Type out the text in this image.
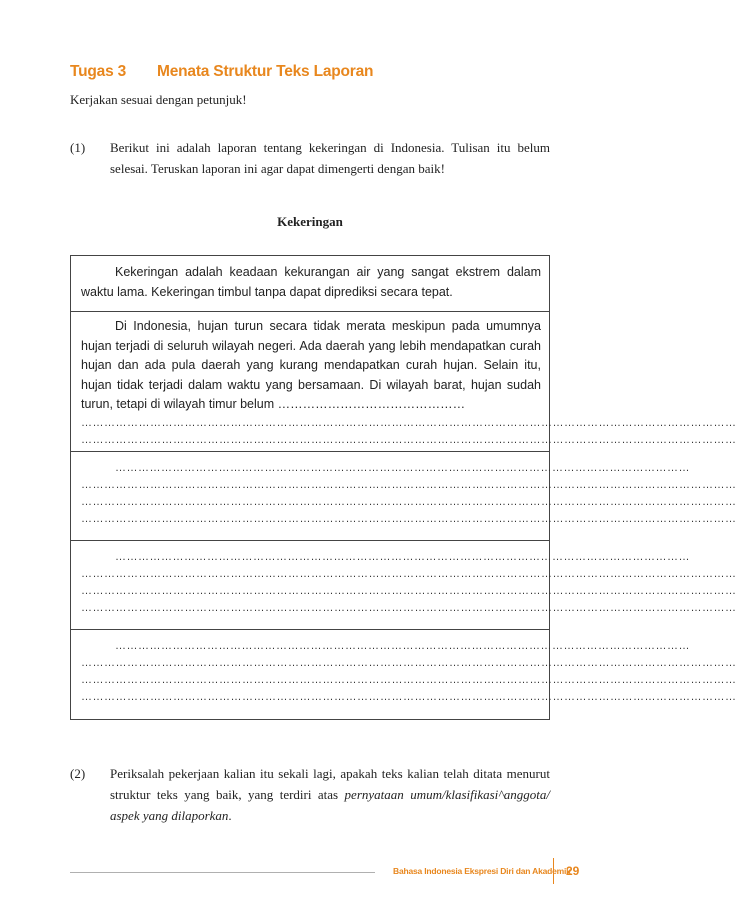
Tugas 3 Menata Struktur Teks Laporan
Kerjakan sesuai dengan petunjuk!
(1) Berikut ini adalah laporan tentang kekeringan di Indonesia. Tulisan itu belum selesai. Teruskan laporan ini agar dapat dimengerti dengan baik!
Kekeringan

Kekeringan adalah keadaan kekurangan air yang sangat ekstrem dalam waktu lama. Kekeringan timbul tanpa dapat diprediksi secara tepat.

Di Indonesia, hujan turun secara tidak merata meskipun pada umumnya hujan terjadi di seluruh wilayah negeri. Ada daerah yang lebih mendapatkan curah hujan dan ada pula daerah yang kurang mendapatkan curah hujan. Selain itu, hujan tidak terjadi dalam waktu yang bersamaan. Di wilayah barat, hujan sudah turun, tetapi di wilayah timur belum ………………………………………

………………………………………………………………………………………………………………………………………………………
………………………………………………………………………………………………………………………………………………………
……………………………………………………………………………………………………………………………………
………………………………………………………………………………………………………………………………………………………
………………………………………………………………………………………………………………………………………………………
………………………………………………………………………………………………………………………………………………………
……………………………………………………………………………………………………………………………………
………………………………………………………………………………………………………………………………………………………
………………………………………………………………………………………………………………………………………………………
………………………………………………………………………………………………………………………………………………………
……………………………………………………………………………………………………………………………………
………………………………………………………………………………………………………………………………………………………
………………………………………………………………………………………………………………………………………………………
………………………………………………………………………………………………………………………………………………………
(2) Periksalah pekerjaan kalian itu sekali lagi, apakah teks kalian telah ditata menurut struktur teks yang baik, yang terdiri atas pernyataan umum/klasifikasi^anggota/ aspek yang dilaporkan.
Bahasa Indonesia Ekspresi Diri dan Akademik
29
